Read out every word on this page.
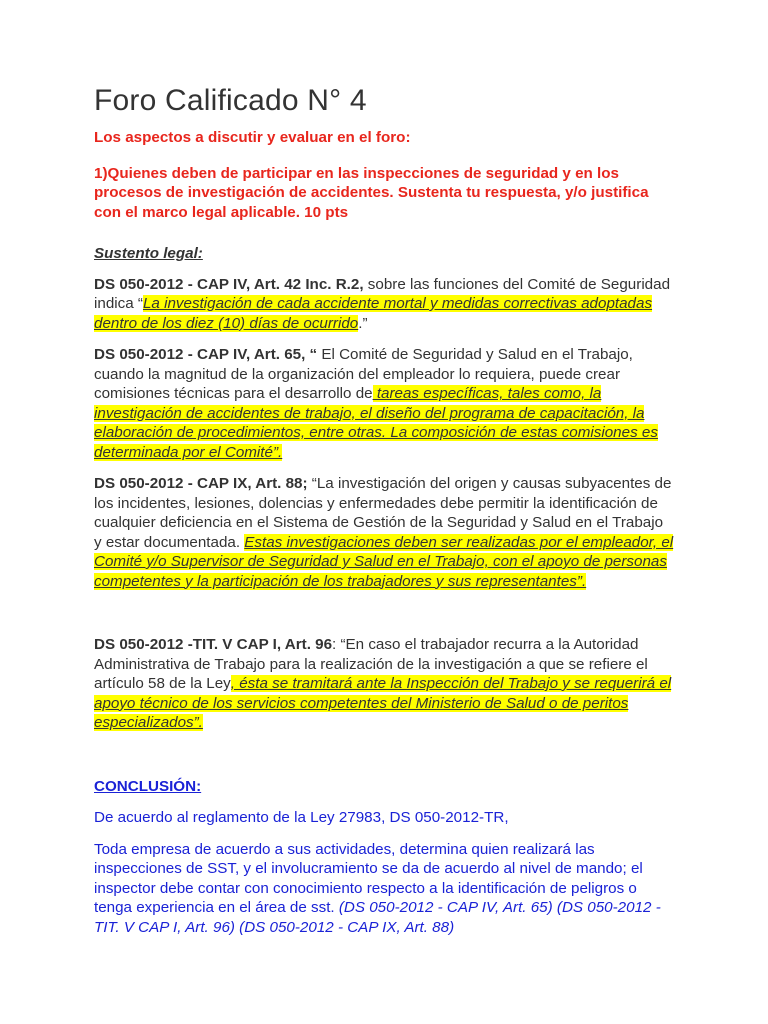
Foro Calificado N° 4

Los aspectos a discutir y evaluar en el foro:

1)Quienes deben de participar en las inspecciones de seguridad y en los procesos de investigación de accidentes. Sustenta tu respuesta, y/o justifica con el marco legal aplicable. 10 pts

Sustento legal:

DS 050-2012 - CAP IV, Art. 42 Inc. R.2, sobre las funciones del Comité de Seguridad indica “La investigación de cada accidente mortal y medidas correctivas adoptadas dentro de los diez (10) días de ocurrido.”

DS 050-2012 - CAP IV, Art. 65, “ El Comité de Seguridad y Salud en el Trabajo, cuando la magnitud de la organización del empleador lo requiera, puede crear comisiones técnicas para el desarrollo de tareas específicas, tales como, la investigación de accidentes de trabajo, el diseño del programa de capacitación, la elaboración de procedimientos, entre otras. La composición de estas comisiones es determinada por el Comité”.

DS 050-2012 - CAP IX, Art. 88; “La investigación del origen y causas subyacentes de los incidentes, lesiones, dolencias y enfermedades debe permitir la identificación de cualquier deficiencia en el Sistema de Gestión de la Seguridad y Salud en el Trabajo y estar documentada. Estas investigaciones deben ser realizadas por el empleador, el Comité y/o Supervisor de Seguridad y Salud en el Trabajo, con el apoyo de personas competentes y la participación de los trabajadores y sus representantes”.

DS 050-2012 -TIT. V CAP I, Art. 96: “En caso el trabajador recurra a la Autoridad Administrativa de Trabajo para la realización de la investigación a que se refiere el artículo 58 de la Ley, ésta se tramitará ante la Inspección del Trabajo y se requerirá el apoyo técnico de los servicios competentes del Ministerio de Salud o de peritos especializados”.

CONCLUSIÓN:

De acuerdo al reglamento de la Ley 27983, DS 050-2012-TR,

Toda empresa de acuerdo a sus actividades, determina quien realizará las inspecciones de SST, y el involucramiento se da de acuerdo al nivel de mando; el inspector debe contar con conocimiento respecto a la identificación de peligros o tenga experiencia en el área de sst. (DS 050-2012 - CAP IV, Art. 65) (DS 050-2012 -TIT. V CAP I, Art. 96) (DS 050-2012 - CAP IX, Art. 88)
